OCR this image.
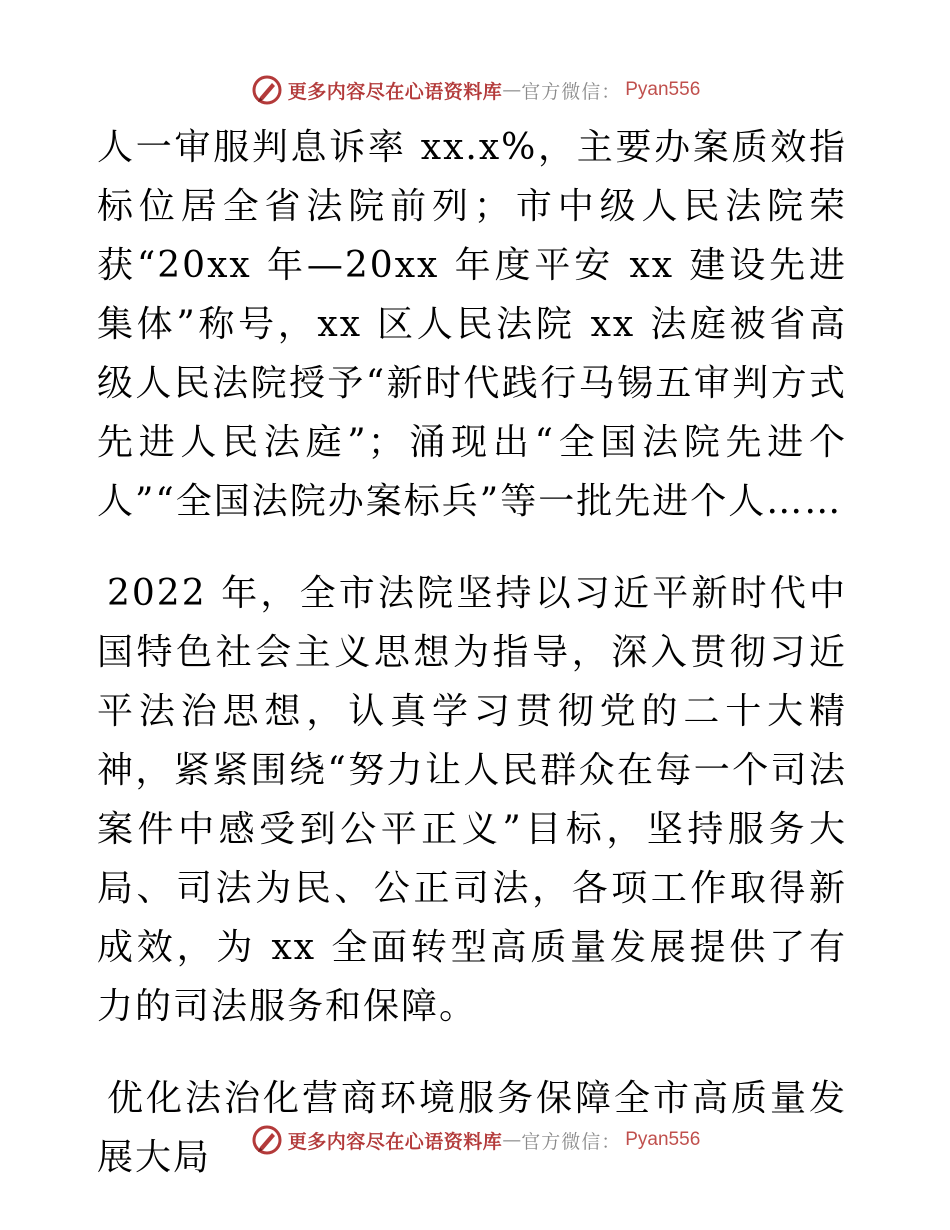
更多内容尽在心语资料库 — 官方微信： Pyan556

人一审服判息诉率 xx.x%，主要办案质效指标位居全省法院前列；市中级人民法院荣获“20xx 年—20xx 年度平安 xx 建设先进集体”称号，xx 区人民法院 xx 法庭被省高级人民法院授予“新时代践行马锡五审判方式先进人民法庭”；涌现出“全国法院先进个人”“全国法院办案标兵”等一批先进个人……

2022 年，全市法院坚持以习近平新时代中国特色社会主义思想为指导，深入贯彻习近平法治思想，认真学习贯彻党的二十大精神，紧紧围绕“努力让人民群众在每一个司法案件中感受到公平正义”目标，坚持服务大局、司法为民、公正司法，各项工作取得新成效，为 xx 全面转型高质量发展提供了有力的司法服务和保障。

优化法治化营商环境服务保障全市高质量发展大局	更多内容尽在心语资料库 — 官方微信： Pyan556
